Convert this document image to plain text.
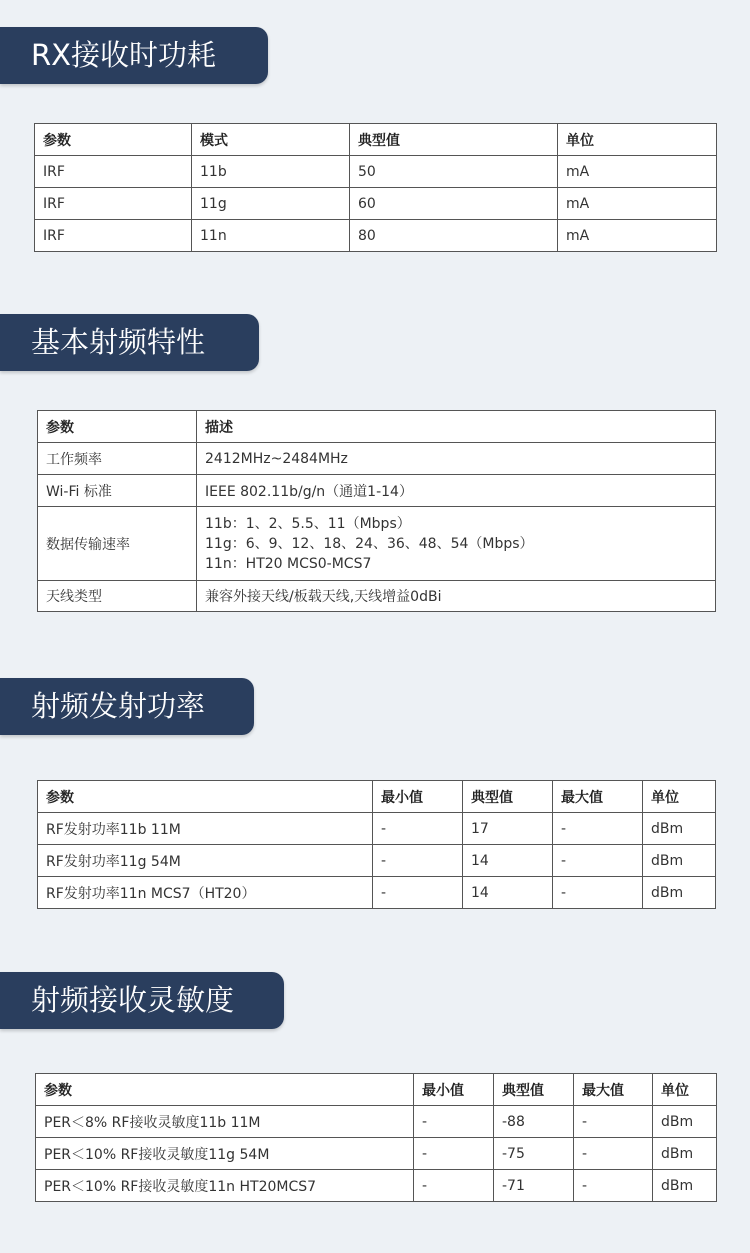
RX接收时功耗
参数	模式	典型值	单位
IRF	11b	50	mA
IRF	11g	60	mA
IRF	11n	80	mA
基本射频特性
参数	描述
工作频率	2412MHz~2484MHz
Wi-Fi 标准	IEEE 802.11b/g/n（通道1-14）
数据传输速率	11b：1、2、5.5、11（Mbps）
11g：6、9、12、18、24、36、48、54（Mbps）
11n：HT20 MCS0-MCS7

天线类型	兼容外接天线/板载天线,天线增益0dBi
射频发射功率
参数	最小值	典型值	最大值	单位
RF发射功率11b 11M	-	17	-	dBm
RF发射功率11g 54M	-	14	-	dBm
RF发射功率11n MCS7（HT20）	-	14	-	dBm
射频接收灵敏度
参数	最小值	典型值	最大值	单位
PER＜8% RF接收灵敏度11b 11M	-	-88	-	dBm
PER＜10% RF接收灵敏度11g 54M	-	-75	-	dBm
PER＜10% RF接收灵敏度11n HT20MCS7	-	-71	-	dBm
